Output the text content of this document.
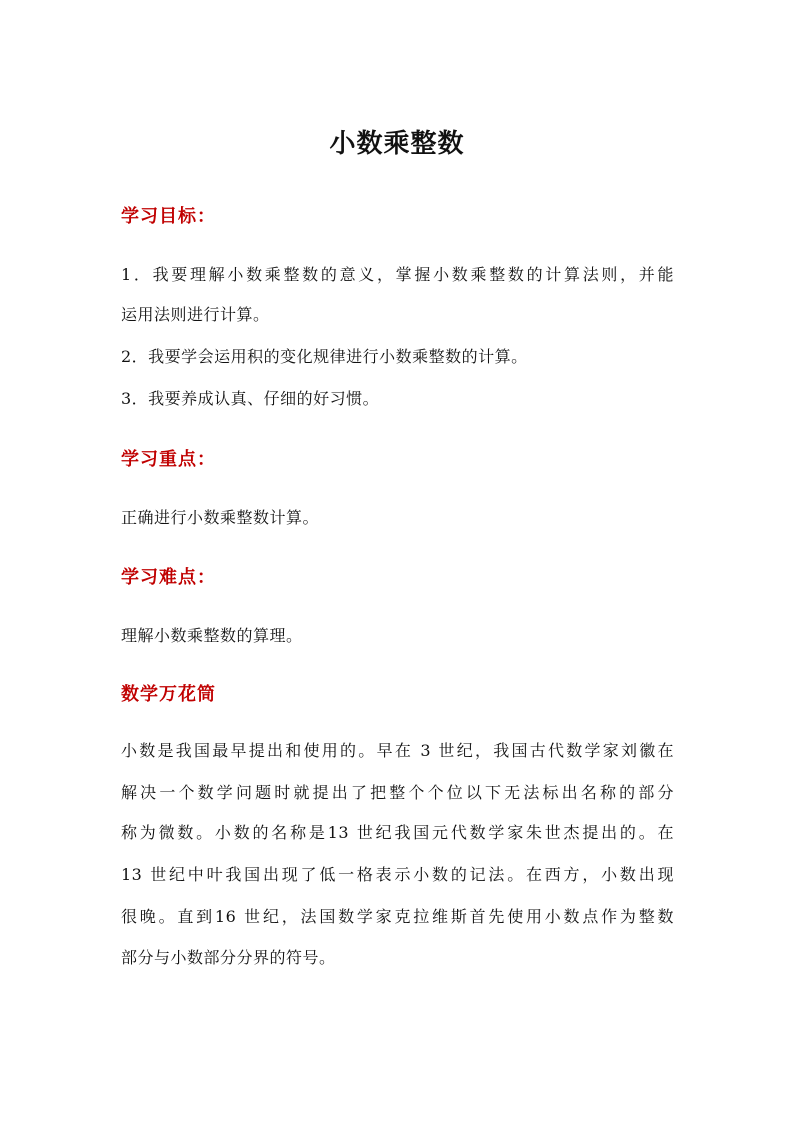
小数乘整数
学习目标：
1．我要理解小数乘整数的意义，掌握小数乘整数的计算法则，并能
运用法则进行计算。
2．我要学会运用积的变化规律进行小数乘整数的计算。
3．我要养成认真、仔细的好习惯。
学习重点：
正确进行小数乘整数计算。
学习难点：
理解小数乘整数的算理。
数学万花筒
小数是我国最早提出和使用的。早在 3 世纪，我国古代数学家刘徽在
解决一个数学问题时就提出了把整个个位以下无法标出名称的部分
称为微数。小数的名称是13 世纪我国元代数学家朱世杰提出的。在
13 世纪中叶我国出现了低一格表示小数的记法。在西方，小数出现
很晚。直到16 世纪，法国数学家克拉维斯首先使用小数点作为整数
部分与小数部分分界的符号。
